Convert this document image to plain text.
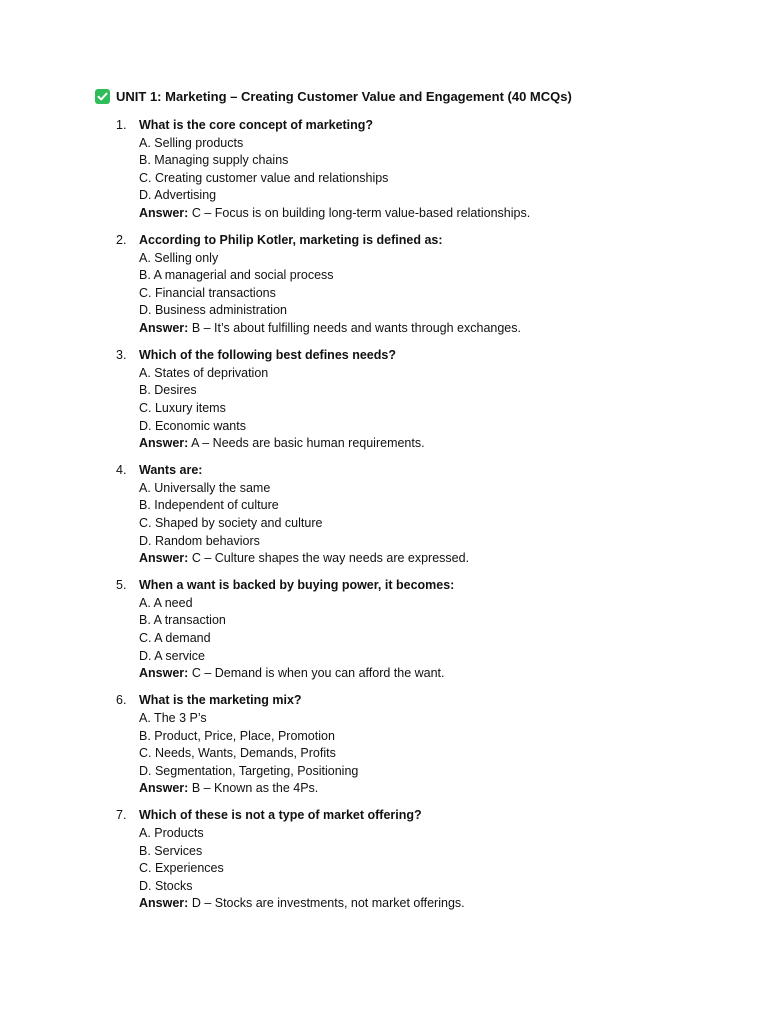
UNIT 1: Marketing – Creating Customer Value and Engagement (40 MCQs)
1. What is the core concept of marketing?
A. Selling products
B. Managing supply chains
C. Creating customer value and relationships
D. Advertising
Answer: C – Focus is on building long-term value-based relationships.
2. According to Philip Kotler, marketing is defined as:
A. Selling only
B. A managerial and social process
C. Financial transactions
D. Business administration
Answer: B – It’s about fulfilling needs and wants through exchanges.
3. Which of the following best defines needs?
A. States of deprivation
B. Desires
C. Luxury items
D. Economic wants
Answer: A – Needs are basic human requirements.
4. Wants are:
A. Universally the same
B. Independent of culture
C. Shaped by society and culture
D. Random behaviors
Answer: C – Culture shapes the way needs are expressed.
5. When a want is backed by buying power, it becomes:
A. A need
B. A transaction
C. A demand
D. A service
Answer: C – Demand is when you can afford the want.
6. What is the marketing mix?
A. The 3 P’s
B. Product, Price, Place, Promotion
C. Needs, Wants, Demands, Profits
D. Segmentation, Targeting, Positioning
Answer: B – Known as the 4Ps.
7. Which of these is not a type of market offering?
A. Products
B. Services
C. Experiences
D. Stocks
Answer: D – Stocks are investments, not market offerings.
